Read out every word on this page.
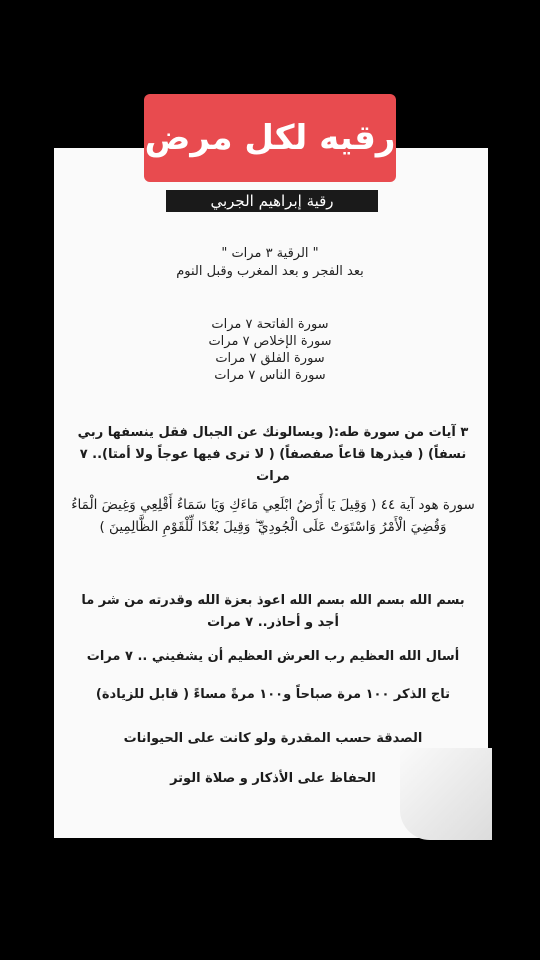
رقيه لكل مرض
رقية إبراهيم الجربي
" الرقية ٣ مرات "
بعد الفجر و بعد المغرب وقبل النوم
سورة الفاتحة ٧ مرات
سورة الإخلاص ٧ مرات
سورة الفلق ٧ مرات
سورة الناس ٧ مرات
٣ آيات من سورة طه:( ويسالونك عن الجبال فقل ينسفها ربي نسفاً) ( فيذرها قاعاً صفصفاً) ( لا ترى فيها عوجاً ولا أمتا).. ٧ مرات
سورة هود آية ٤٤ ( وَقِيلَ يَا أَرْضُ ابْلَعِي مَاءَكِ وَيَا سَمَاءُ أَقْلِعِي وَغِيضَ الْمَاءُ وَقُضِيَ الْأَمْرُ وَاسْتَوَتْ عَلَى الْجُودِيِّ ۖ وَقِيلَ بُعْدًا لِّلْقَوْمِ الظَّالِمِينَ )
بسم الله بسم الله بسم الله اعوذ بعزة الله وقدرته من شر ما أجد و أحاذر.. ٧ مرات
أسال الله العظيم رب العرش العظيم أن يشفيني .. ٧ مرات
تاج الذكر ١٠٠ مرة صباحاً و١٠٠ مرةً مساءً ( قابل للزيادة)
الصدقة حسب المقدرة ولو كانت على الحيوانات
الحفاظ على الأذكار و صلاة الوتر
